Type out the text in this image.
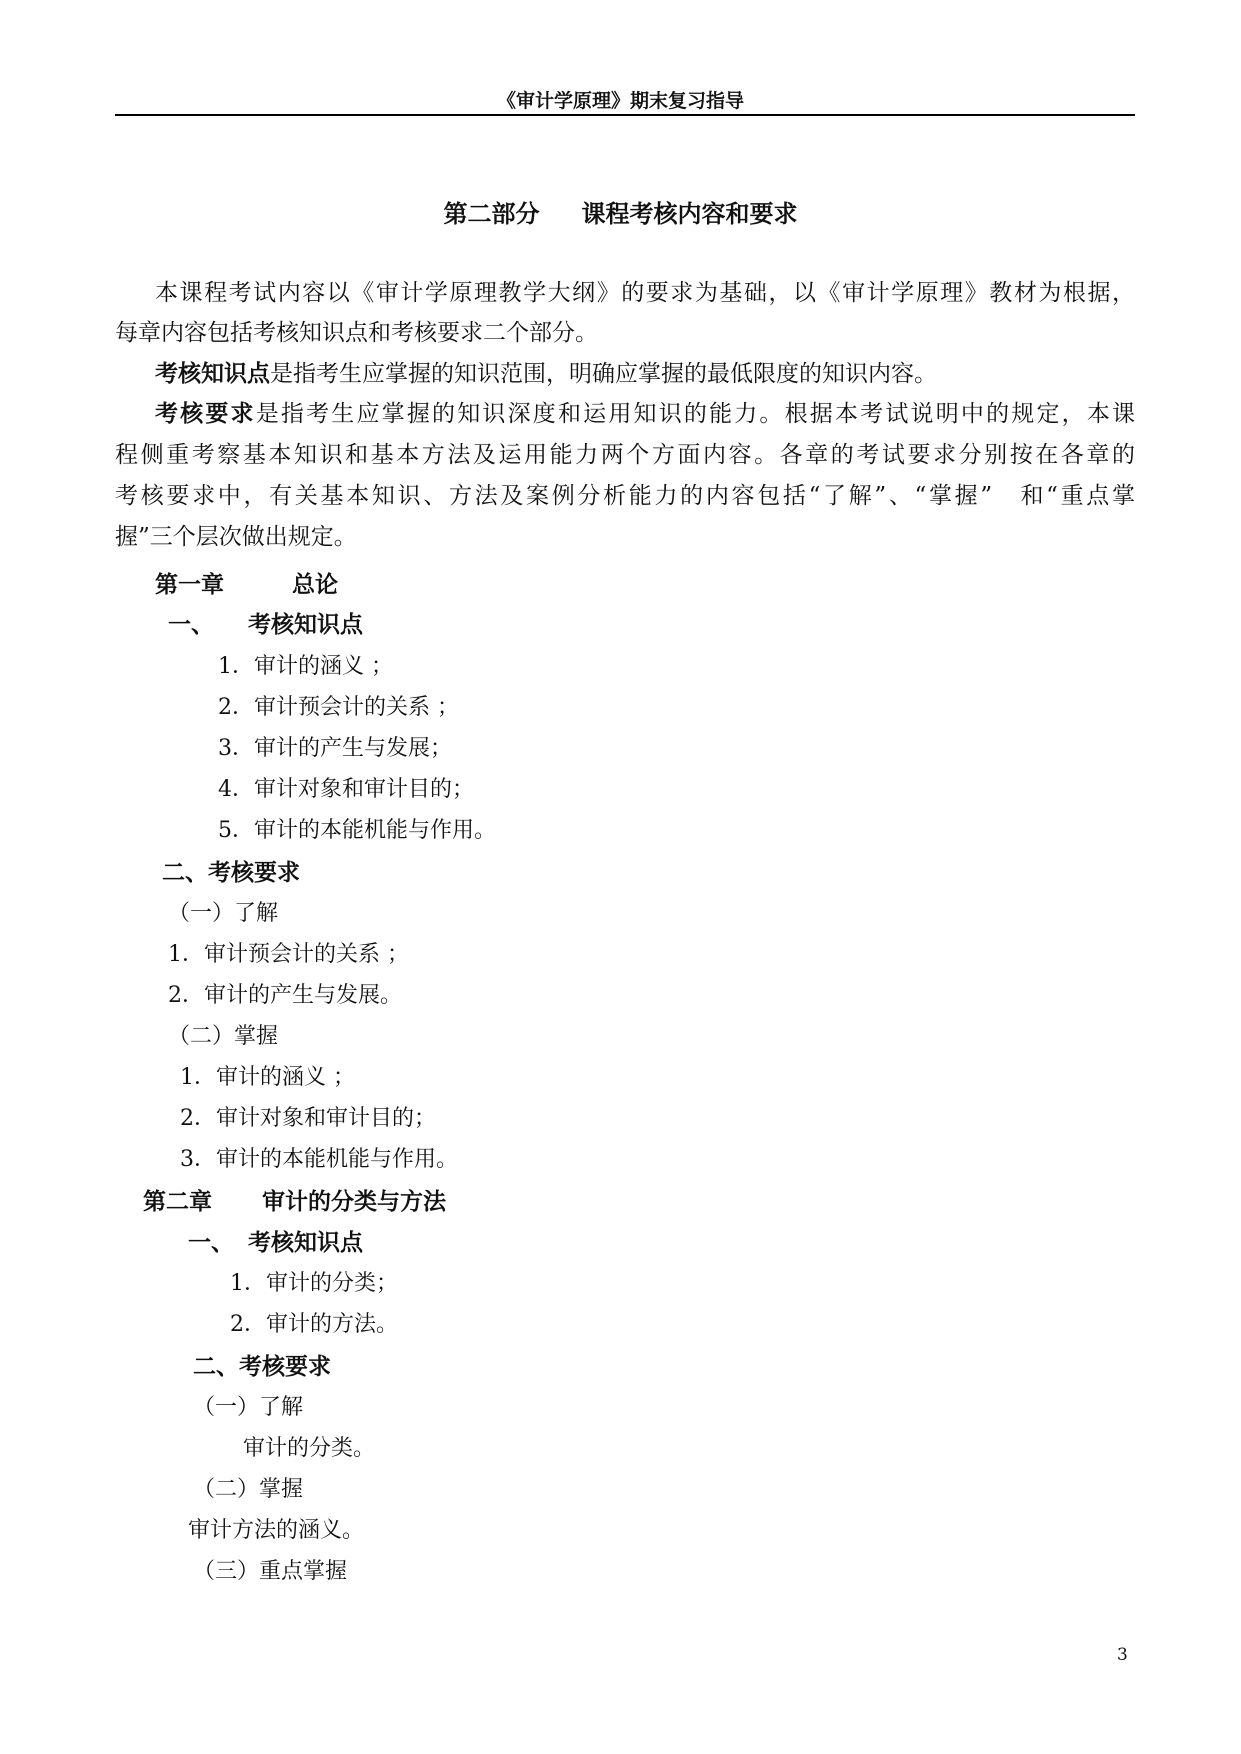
《审计学原理》期末复习指导
第二部分 课程考核内容和要求
本课程考试内容以《审计学原理教学大纲》的要求为基础，以《审计学原理》教材为根据，
每章内容包括考核知识点和考核要求二个部分。
考核知识点是指考生应掌握的知识范围，明确应掌握的最低限度的知识内容。
考核要求是指考生应掌握的知识深度和运用知识的能力。根据本考试说明中的规定，本课
程侧重考察基本知识和基本方法及运用能力两个方面内容。各章的考试要求分别按在各章的
考核要求中，有关基本知识、方法及案例分析能力的内容包括“了解”、“掌握”　和“重点掌
握”三个层次做出规定。
第一章	总论
一、 考核知识点
1．审计的涵义 ；
2．审计预会计的关系 ；
3．审计的产生与发展；
4．审计对象和审计目的；
5．审计的本能机能与作用。
二、考核要求
（一）了解
1．审计预会计的关系 ；
2．审计的产生与发展。
（二）掌握
1．审计的涵义 ；
2．审计对象和审计目的；
3．审计的本能机能与作用。
第二章 审计的分类与方法
一、 考核知识点
1．审计的分类；
2．审计的方法。
二、考核要求
（一）了解
审计的分类。
（二）掌握
审计方法的涵义。
（三）重点掌握
3
